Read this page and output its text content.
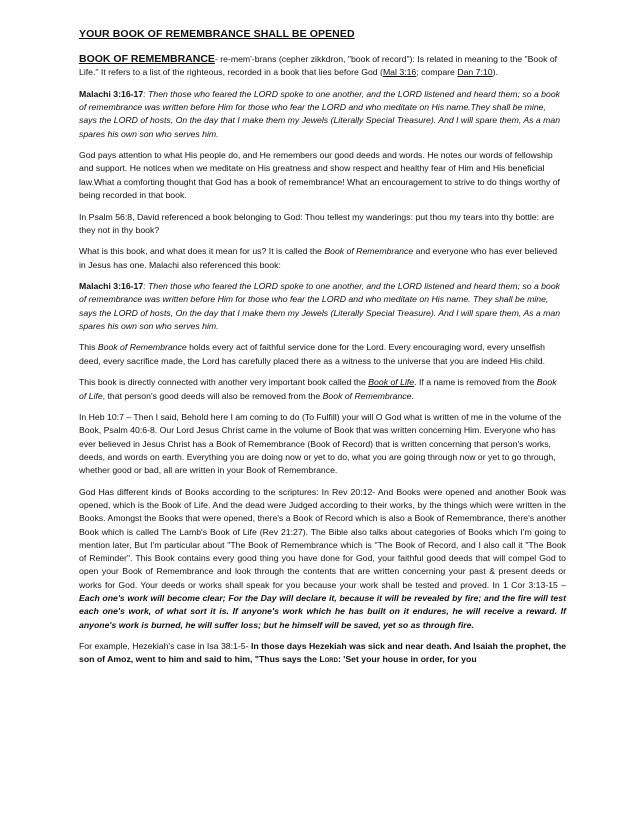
YOUR BOOK OF REMEMBRANCE SHALL BE OPENED

BOOK OF REMEMBRANCE- re-mem'-brans (cepher zikkdron, "book of record"): Is related in meaning to the "Book of Life." It refers to a list of the righteous, recorded in a book that lies before God (Mal 3:16; compare Dan 7:10).

Malachi 3:16-17: Then those who feared the LORD spoke to one another, and the LORD listened and heard them; so a book of remembrance was written before Him for those who fear the LORD and who meditate on His name.They shall be mine, says the LORD of hosts, On the day that I make them my Jewels (Literally Special Treasure). And I will spare them, As a man spares his own son who serves him.

God pays attention to what His people do, and He remembers our good deeds and words. He notes our words of fellowship and support. He notices when we meditate on His greatness and show respect and healthy fear of Him and His beneficial law.What a comforting thought that God has a book of remembrance! What an encouragement to strive to do things worthy of being recorded in that book.

In Psalm 56:8, David referenced a book belonging to God: Thou tellest my wanderings: put thou my tears into thy bottle: are they not in thy book?

What is this book, and what does it mean for us? It is called the Book of Remembrance and everyone who has ever believed in Jesus has one. Malachi also referenced this book:

Malachi 3:16-17: Then those who feared the LORD spoke to one another, and the LORD listened and heard them; so a book of remembrance was written before Him for those who fear the LORD and who meditate on His name. They shall be mine, says the LORD of hosts, On the day that I make them my Jewels (Literally Special Treasure). And I will spare them, As a man spares his own son who serves him.

This Book of Remembrance holds every act of faithful service done for the Lord. Every encouraging word, every unselfish deed, every sacrifice made, the Lord has carefully placed there as a witness to the universe that you are indeed His child.

This book is directly connected with another very important book called the Book of Life. If a name is removed from the Book of Life, that person's good deeds will also be removed from the Book of Remembrance.

In Heb 10:7 – Then I said, Behold here I am coming to do (To Fulfill) your will O God what is written of me in the volume of the Book, Psalm 40:6-8. Our Lord Jesus Christ came in the volume of Book that was written concerning Him. Everyone who has ever believed in Jesus Christ has a Book of Remembrance (Book of Record) that is written concerning that person's works, deeds, and words on earth. Everything you are doing now or yet to do, what you are going through now or yet to go through, whether good or bad, all are written in your Book of Remembrance.

God Has different kinds of Books according to the scriptures: In Rev 20:12- And Books were opened and another Book was opened, which is the Book of Life. And the dead were Judged according to their works, by the things which were written in the Books. Amongst the Books that were opened, there's a Book of Record which is also a Book of Remembrance, there's another Book which is called The Lamb's Book of Life (Rev 21:27). The Bible also talks about categories of Books which I'm going to mention later, But I'm particular about "The Book of Remembrance which is "The Book of Record, and I also call it "The Book of Reminder". This Book contains every good thing you have done for God, your faithful good deeds that will compel God to open your Book of Remembrance and look through the contents that are written concerning your past & present deeds or works for God. Your deeds or works shall speak for you because your work shall be tested and proved. In 1 Cor 3:13-15 – Each one's work will become clear; For the Day will declare it, because it will be revealed by fire; and the fire will test each one's work, of what sort it is. If anyone's work which he has built on it endures, he will receive a reward. If anyone's work is burned, he will suffer loss; but he himself will be saved, yet so as through fire.

For example, Hezekiah's case in Isa 38:1-5- In those days Hezekiah was sick and near death. And Isaiah the prophet, the son of Amoz, went to him and said to him, "Thus says the Lord: 'Set your house in order, for you
